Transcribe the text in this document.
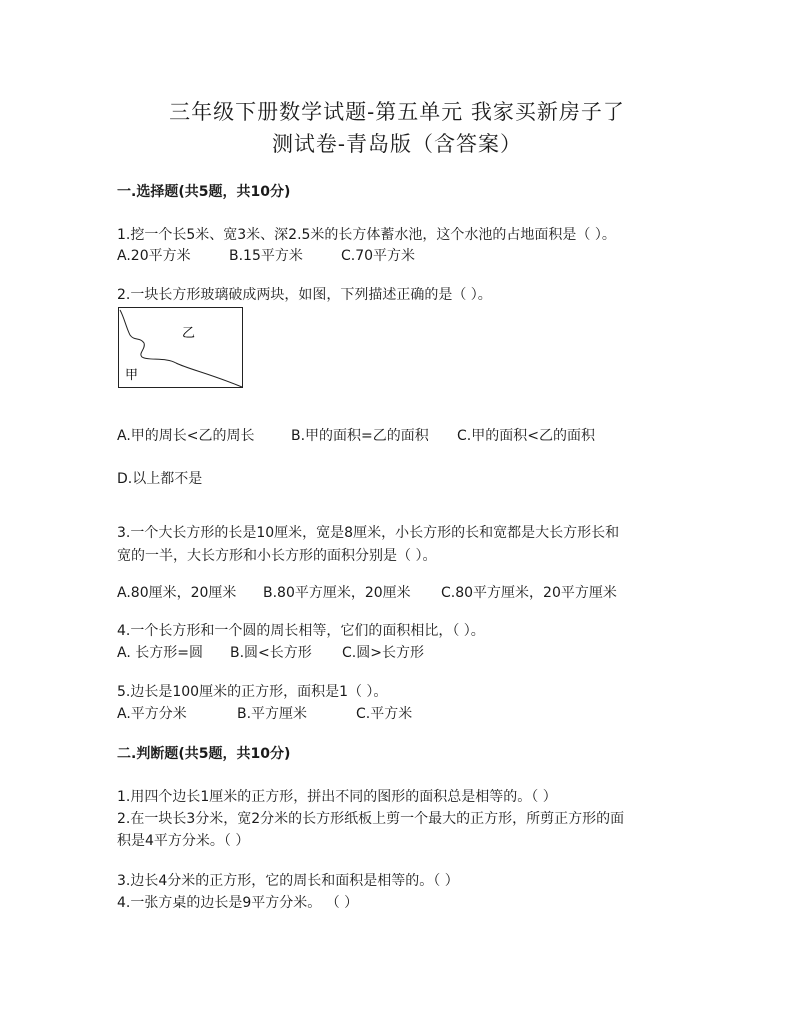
三年级下册数学试题-第五单元 我家买新房子了
测试卷-青岛版（含答案）
一.选择题(共5题，共10分)
1.挖一个长5米、宽3米、深2.5米的长方体蓄水池，这个水池的占地面积是（ ）。
A.20平方米	B.15平方米	C.70平方米
2.一块长方形玻璃破成两块，如图，下列描述正确的是（ ）。
乙
甲
A.甲的周长<乙的周长	B.甲的面积=乙的面积 C.甲的面积<乙的面积
D.以上都不是
3.一个大长方形的长是10厘米，宽是8厘米，小长方形的长和宽都是大长方形长和
宽的一半，大长方形和小长方形的面积分别是（ ）。
A.80厘米，20厘米 B.80平方厘米，20厘米 C.80平方厘米，20平方厘米
4.一个长方形和一个圆的周长相等，它们的面积相比，（ ）。
A. 长方形=圆 B.圆<长方形 C.圆>长方形
5.边长是100厘米的正方形，面积是1（ ）。
A.平方分米	B.平方厘米	C.平方米
二.判断题(共5题，共10分)
1.用四个边长1厘米的正方形，拼出不同的图形的面积总是相等的。（ ）
2.在一块长3分米，宽2分米的长方形纸板上剪一个最大的正方形，所剪正方形的面
积是4平方分米。（ ）
3.边长4分米的正方形，它的周长和面积是相等的。（ ）
4.一张方桌的边长是9平方分米。 （ ）
